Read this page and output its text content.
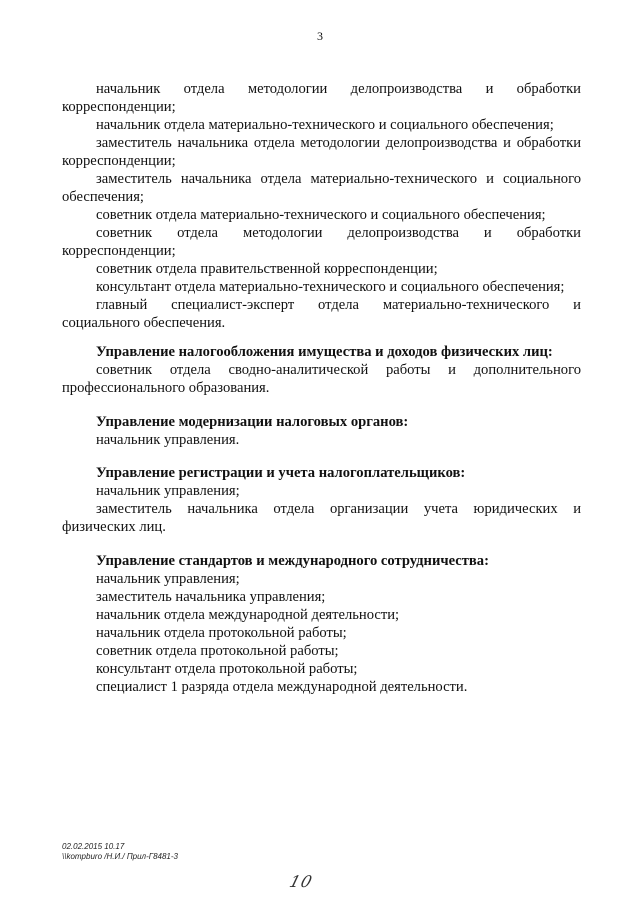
3

начальник отдела методологии делопроизводства и обработки корреспонденции;

начальник отдела материально-технического и социального обеспечения;

заместитель начальника отдела методологии делопроизводства и обработки корреспонденции;

заместитель начальника отдела материально-технического и социального обеспечения;

советник отдела материально-технического и социального обеспечения;

советник отдела методологии делопроизводства и обработки корреспонденции;

советник отдела правительственной корреспонденции;

консультант отдела материально-технического и социального обеспечения;

главный специалист-эксперт отдела материально-технического и социального обеспечения.

Управление налогообложения имущества и доходов физических лиц:

советник отдела сводно-аналитической работы и дополнительного профессионального образования.

Управление модернизации налоговых органов:

начальник управления.

Управление регистрации и учета налогоплательщиков:

начальник управления;

заместитель начальника отдела организации учета юридических и физических лиц.

Управление стандартов и международного сотрудничества:

начальник управления;

заместитель начальника управления;

начальник отдела международной деятельности;

начальник отдела протокольной работы;

советник отдела протокольной работы;

консультант отдела протокольной работы;

специалист 1 разряда отдела международной деятельности.

02.02.2015 10.17

\\kompburo /Н.И./ Прил-Г8481-3

10
